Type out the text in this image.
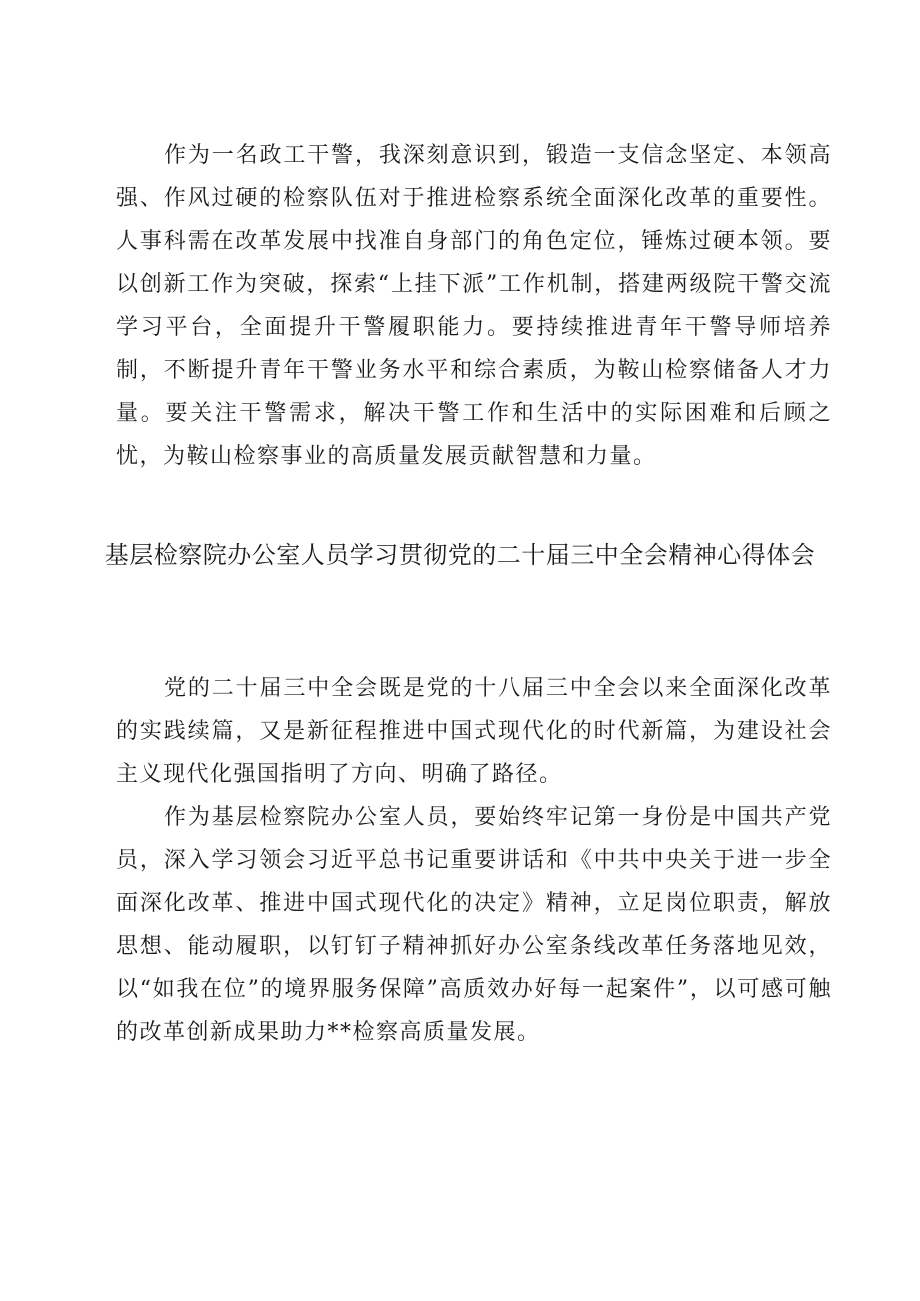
作为一名政工干警，我深刻意识到，锻造一支信念坚定、本领高强、作风过硬的检察队伍对于推进检察系统全面深化改革的重要性。人事科需在改革发展中找准自身部门的角色定位，锤炼过硬本领。要以创新工作为突破，探索“上挂下派”工作机制，搭建两级院干警交流学习平台，全面提升干警履职能力。要持续推进青年干警导师培养制，不断提升青年干警业务水平和综合素质，为鞍山检察储备人才力量。要关注干警需求，解决干警工作和生活中的实际困难和后顾之忧，为鞍山检察事业的高质量发展贡献智慧和力量。

基层检察院办公室人员学习贯彻党的二十届三中全会精神心得体会

党的二十届三中全会既是党的十八届三中全会以来全面深化改革的实践续篇，又是新征程推进中国式现代化的时代新篇，为建设社会主义现代化强国指明了方向、明确了路径。

作为基层检察院办公室人员，要始终牢记第一身份是中国共产党员，深入学习领会习近平总书记重要讲话和《中共中央关于进一步全面深化改革、推进中国式现代化的决定》精神，立足岗位职责，解放思想、能动履职，以钉钉子精神抓好办公室条线改革任务落地见效，以“如我在位”的境界服务保障”高质效办好每一起案件”，以可感可触的改革创新成果助力**检察高质量发展。
